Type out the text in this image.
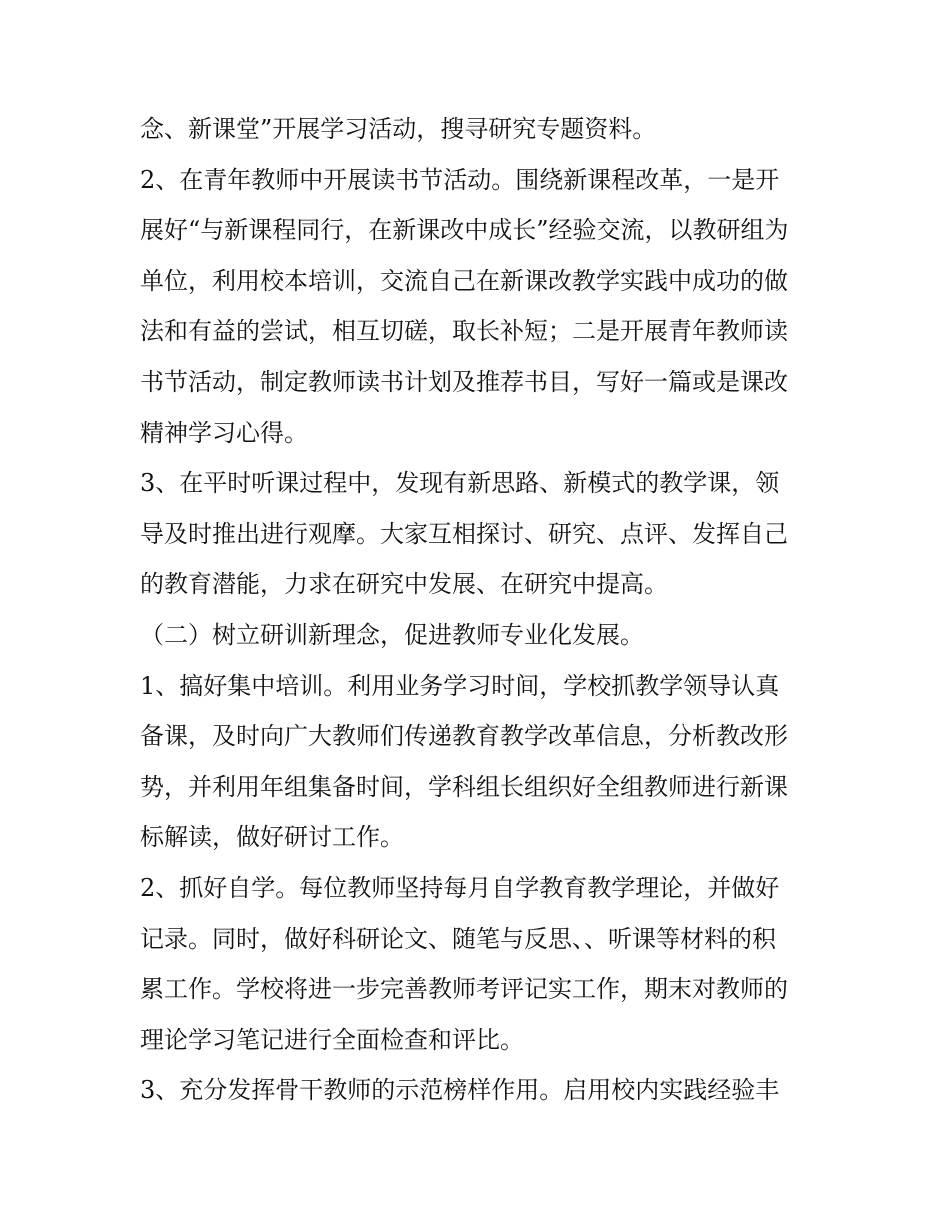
念、新课堂”开展学习活动，搜寻研究专题资料。
2、在青年教师中开展读书节活动。围绕新课程改革，一是开
展好“与新课程同行，在新课改中成长”经验交流，以教研组为
单位，利用校本培训，交流自己在新课改教学实践中成功的做
法和有益的尝试，相互切磋，取长补短；二是开展青年教师读
书节活动，制定教师读书计划及推荐书目，写好一篇或是课改
精神学习心得。
3、在平时听课过程中，发现有新思路、新模式的教学课，领
导及时推出进行观摩。大家互相探讨、研究、点评、发挥自己
的教育潜能，力求在研究中发展、在研究中提高。
（二）树立研训新理念，促进教师专业化发展。
1、搞好集中培训。利用业务学习时间，学校抓教学领导认真
备课，及时向广大教师们传递教育教学改革信息，分析教改形
势，并利用年组集备时间，学科组长组织好全组教师进行新课
标解读，做好研讨工作。
2、抓好自学。每位教师坚持每月自学教育教学理论，并做好
记录。同时，做好科研论文、随笔与反思、、听课等材料的积
累工作。学校将进一步完善教师考评记实工作，期末对教师的
理论学习笔记进行全面检查和评比。
3、充分发挥骨干教师的示范榜样作用。启用校内实践经验丰
